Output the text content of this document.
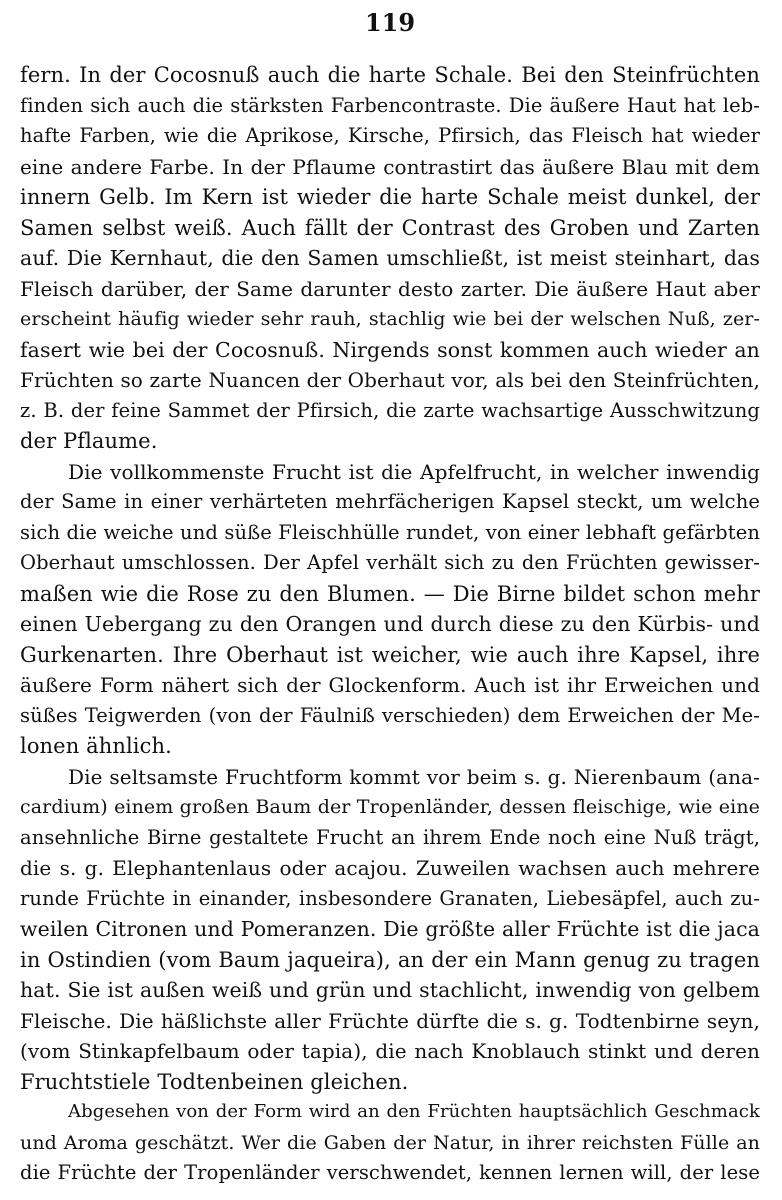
119
fern. In der Cocosnuß auch die harte Schale. Bei den Steinfrüchten
finden sich auch die stärksten Farbencontraste. Die äußere Haut hat leb-
hafte Farben, wie die Aprikose, Kirsche, Pfirsich, das Fleisch hat wieder
eine andere Farbe. In der Pflaume contrastirt das äußere Blau mit dem
innern Gelb. Im Kern ist wieder die harte Schale meist dunkel, der
Samen selbst weiß. Auch fällt der Contrast des Groben und Zarten
auf. Die Kernhaut, die den Samen umschließt, ist meist steinhart, das
Fleisch darüber, der Same darunter desto zarter. Die äußere Haut aber
erscheint häufig wieder sehr rauh, stachlig wie bei der welschen Nuß, zer-
fasert wie bei der Cocosnuß. Nirgends sonst kommen auch wieder an
Früchten so zarte Nuancen der Oberhaut vor, als bei den Steinfrüchten,
z. B. der feine Sammet der Pfirsich, die zarte wachsartige Ausschwitzung
der Pflaume.
Die vollkommenste Frucht ist die Apfelfrucht, in welcher inwendig
der Same in einer verhärteten mehrfächerigen Kapsel steckt, um welche
sich die weiche und süße Fleischhülle rundet, von einer lebhaft gefärbten
Oberhaut umschlossen. Der Apfel verhält sich zu den Früchten gewisser-
maßen wie die Rose zu den Blumen. — Die Birne bildet schon mehr
einen Uebergang zu den Orangen und durch diese zu den Kürbis- und
Gurkenarten. Ihre Oberhaut ist weicher, wie auch ihre Kapsel, ihre
äußere Form nähert sich der Glockenform. Auch ist ihr Erweichen und
süßes Teigwerden (von der Fäulniß verschieden) dem Erweichen der Me-
lonen ähnlich.
Die seltsamste Fruchtform kommt vor beim s. g. Nierenbaum (ana-
cardium) einem großen Baum der Tropenländer, dessen fleischige, wie eine
ansehnliche Birne gestaltete Frucht an ihrem Ende noch eine Nuß trägt,
die s. g. Elephantenlaus oder acajou. Zuweilen wachsen auch mehrere
runde Früchte in einander, insbesondere Granaten, Liebesäpfel, auch zu-
weilen Citronen und Pomeranzen. Die größte aller Früchte ist die jaca
in Ostindien (vom Baum jaqueira), an der ein Mann genug zu tragen
hat. Sie ist außen weiß und grün und stachlicht, inwendig von gelbem
Fleische. Die häßlichste aller Früchte dürfte die s. g. Todtenbirne seyn,
(vom Stinkapfelbaum oder tapia), die nach Knoblauch stinkt und deren
Fruchtstiele Todtenbeinen gleichen.
Abgesehen von der Form wird an den Früchten hauptsächlich Geschmack
und Aroma geschätzt. Wer die Gaben der Natur, in ihrer reichsten Fülle an
die Früchte der Tropenländer verschwendet, kennen lernen will, der lese
